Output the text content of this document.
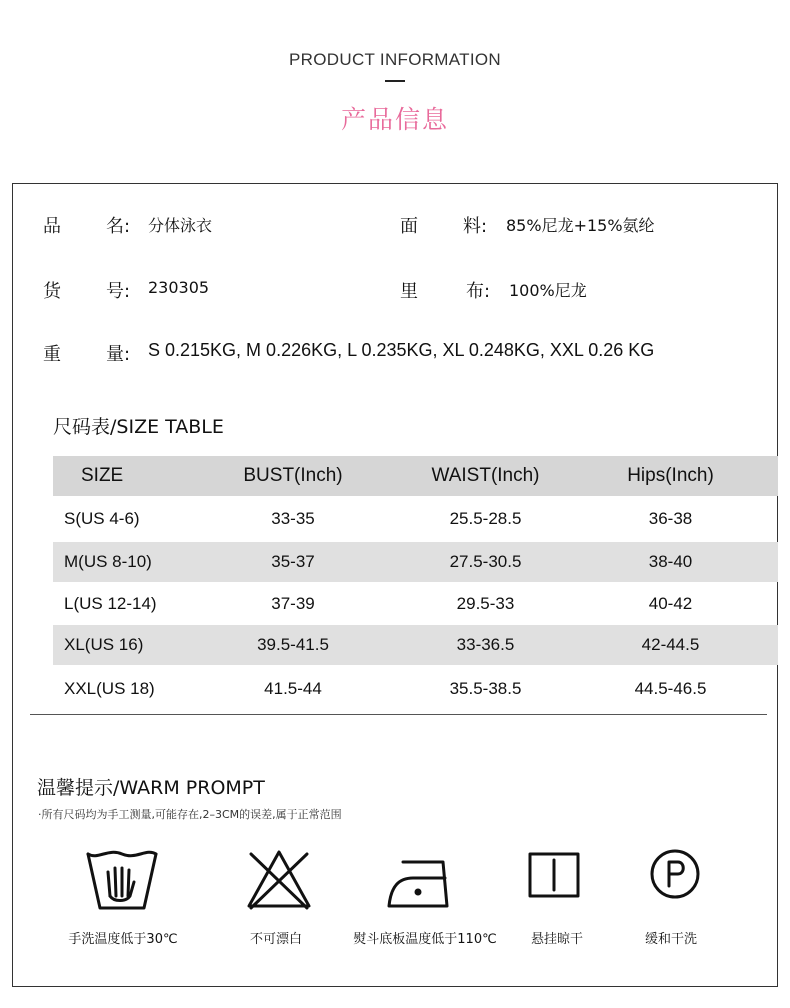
PRODUCT INFORMATION
产品信息
品	名: 分体泳衣	面	料: 85%尼龙+15%氨纶
货	号: 230305	里	布: 100%尼龙
重	量: S 0.215KG, M 0.226KG, L 0.235KG, XL 0.248KG, XXL 0.26 KG
尺码表/SIZE TABLE
SIZE	BUST(Inch)	WAIST(Inch)	Hips(Inch)
S(US 4-6)	33-35	25.5-28.5	36-38
M(US 8-10)	35-37	27.5-30.5	38-40
L(US 12-14)	37-39	29.5-33	40-42
XL(US 16)	39.5-41.5	33-36.5	42-44.5
XXL(US 18)	41.5-44	35.5-38.5	44.5-46.5
温馨提示/WARM PROMPT
·所有尺码均为手工测量,可能存在,2–3CM的误差,属于正常范围
手洗温度低于30℃	不可漂白	熨斗底板温度低于110℃	悬挂晾干	缓和干洗
